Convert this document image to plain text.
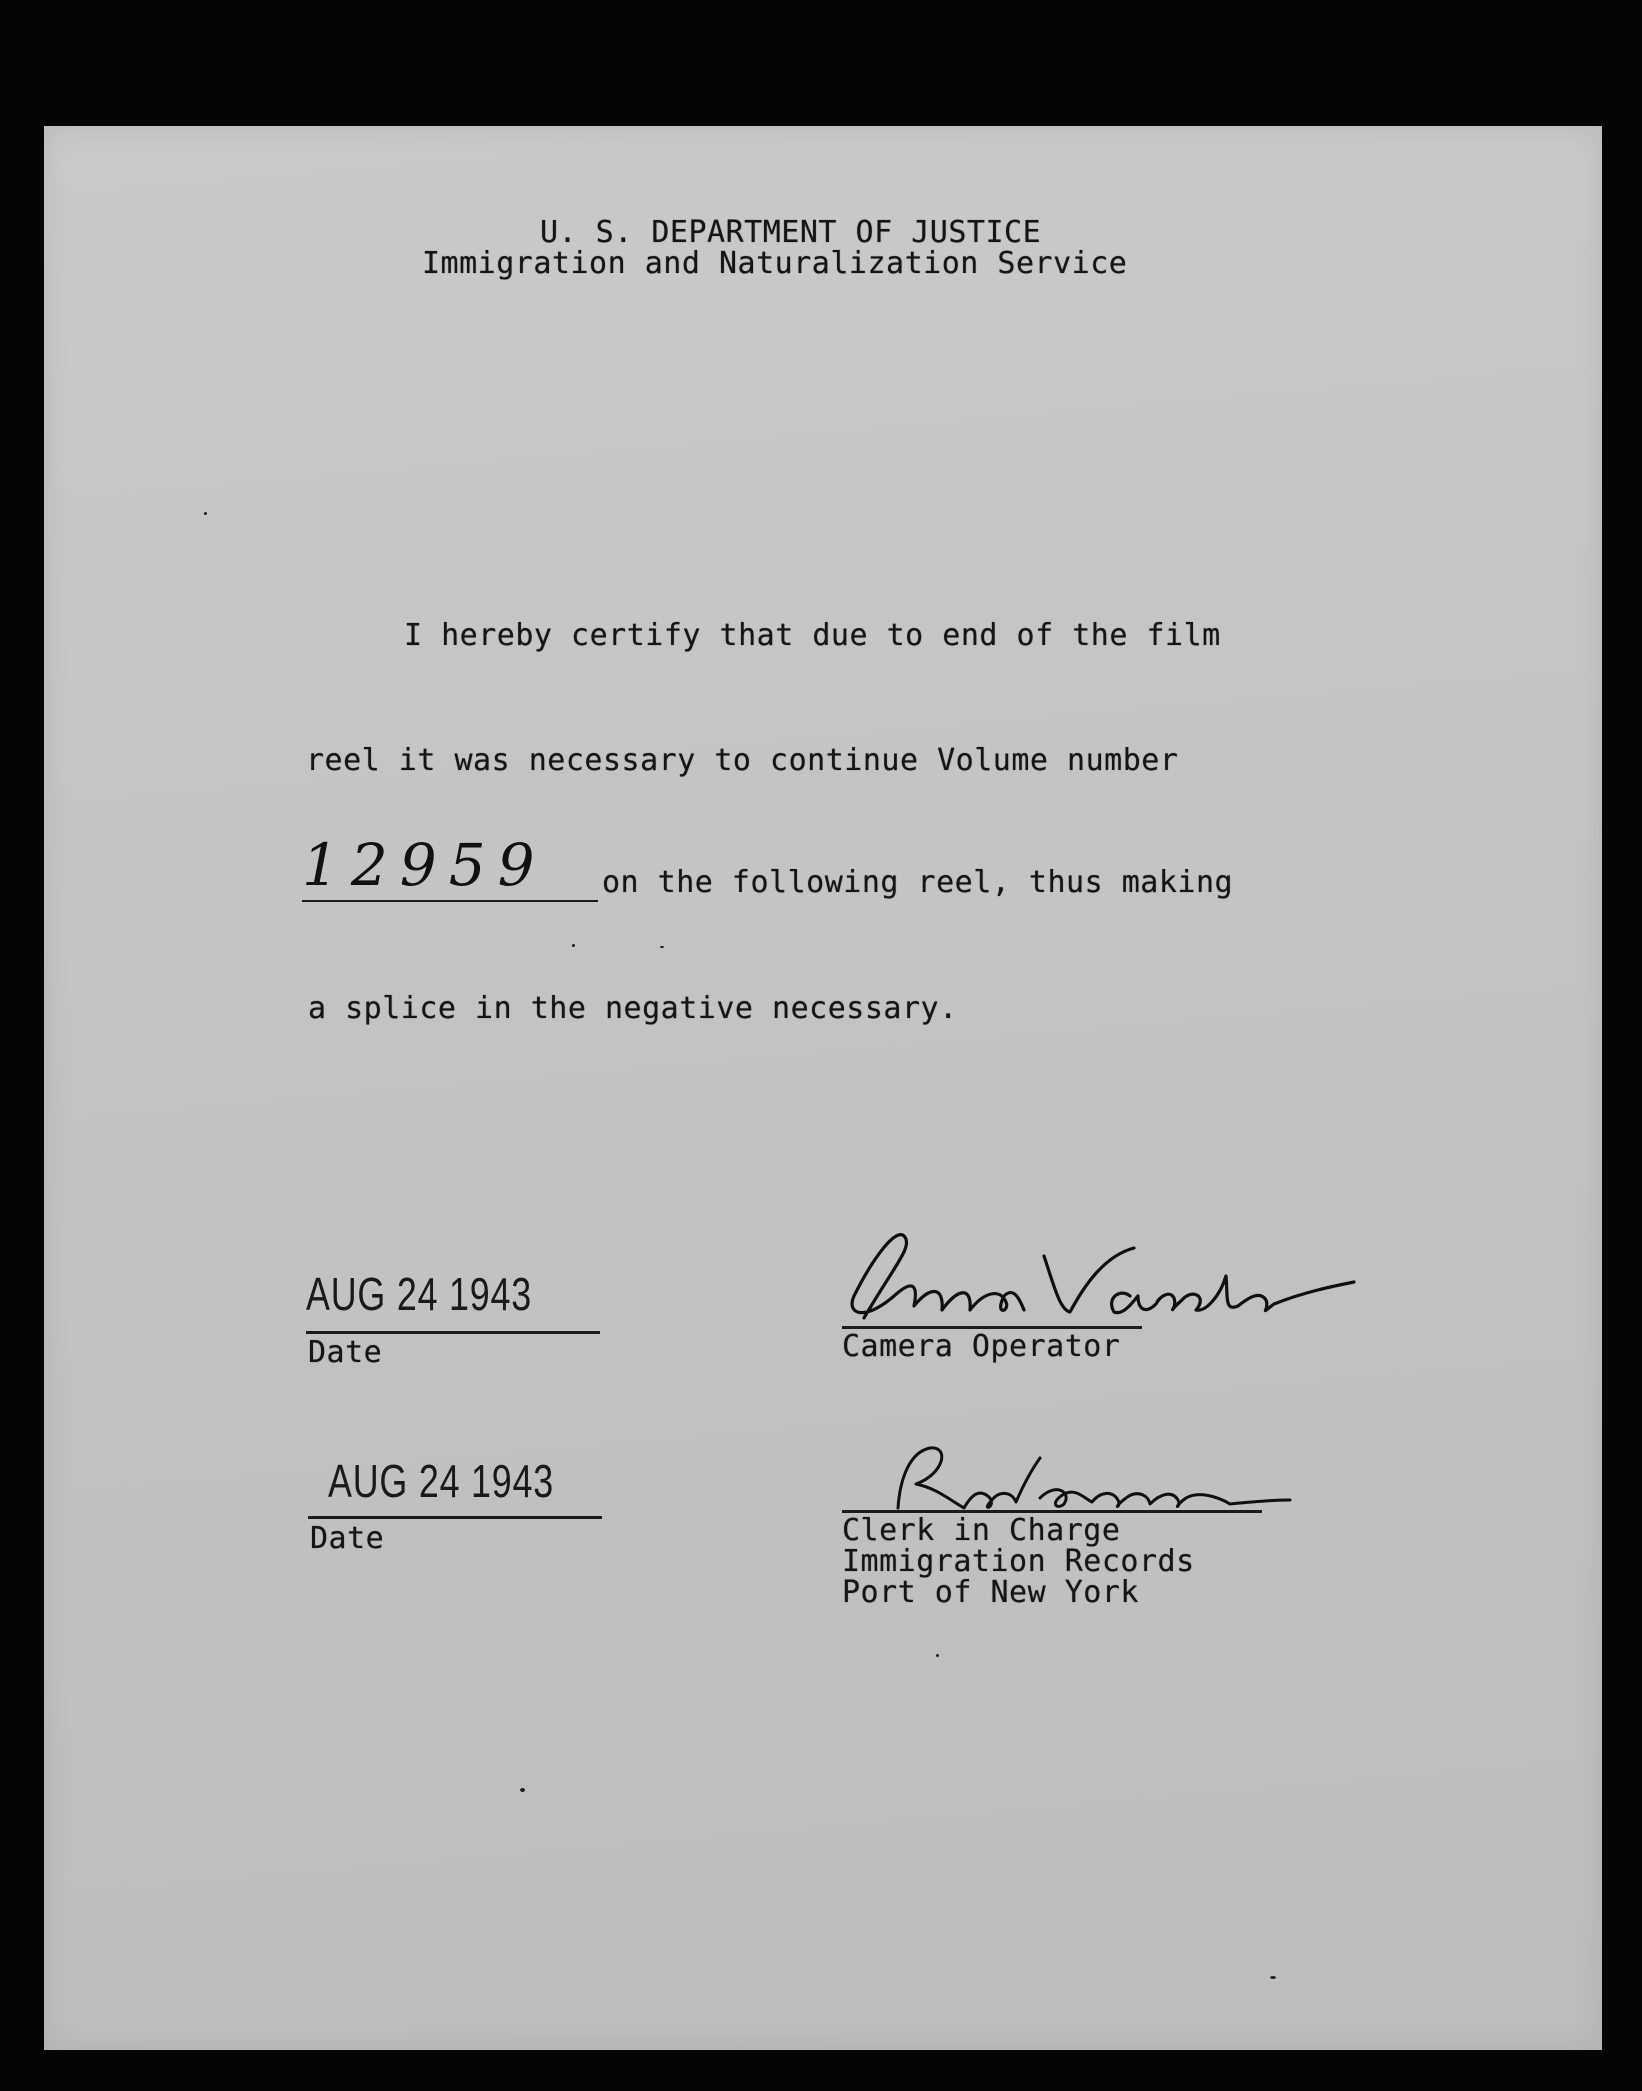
U. S. DEPARTMENT OF JUSTICE
Immigration and Naturalization Service
I hereby certify that due to end of the film
reel it was necessary to continue Volume number
12959 on the following reel, thus making
a splice in the negative necessary.
AUG 24 1943
Date	Camera Operator
AUG 24 1943
Date	Clerk in Charge
Immigration Records
Port of New York
